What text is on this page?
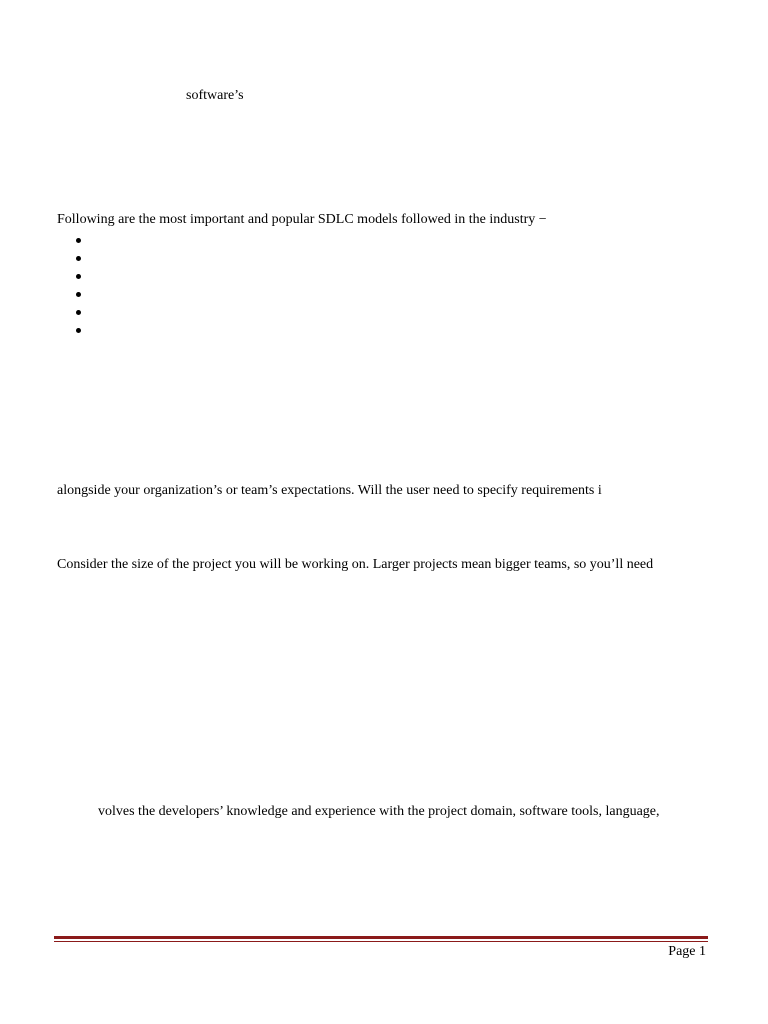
software’s
Following are the most important and popular SDLC models followed in the industry −
alongside your organization’s or team’s expectations. Will the user need to specify requirements i
Consider the size of the project you will be working on. Larger projects mean bigger teams, so you’ll need
volves the developers’ knowledge and experience with the project domain, software tools, language,
Page 1
